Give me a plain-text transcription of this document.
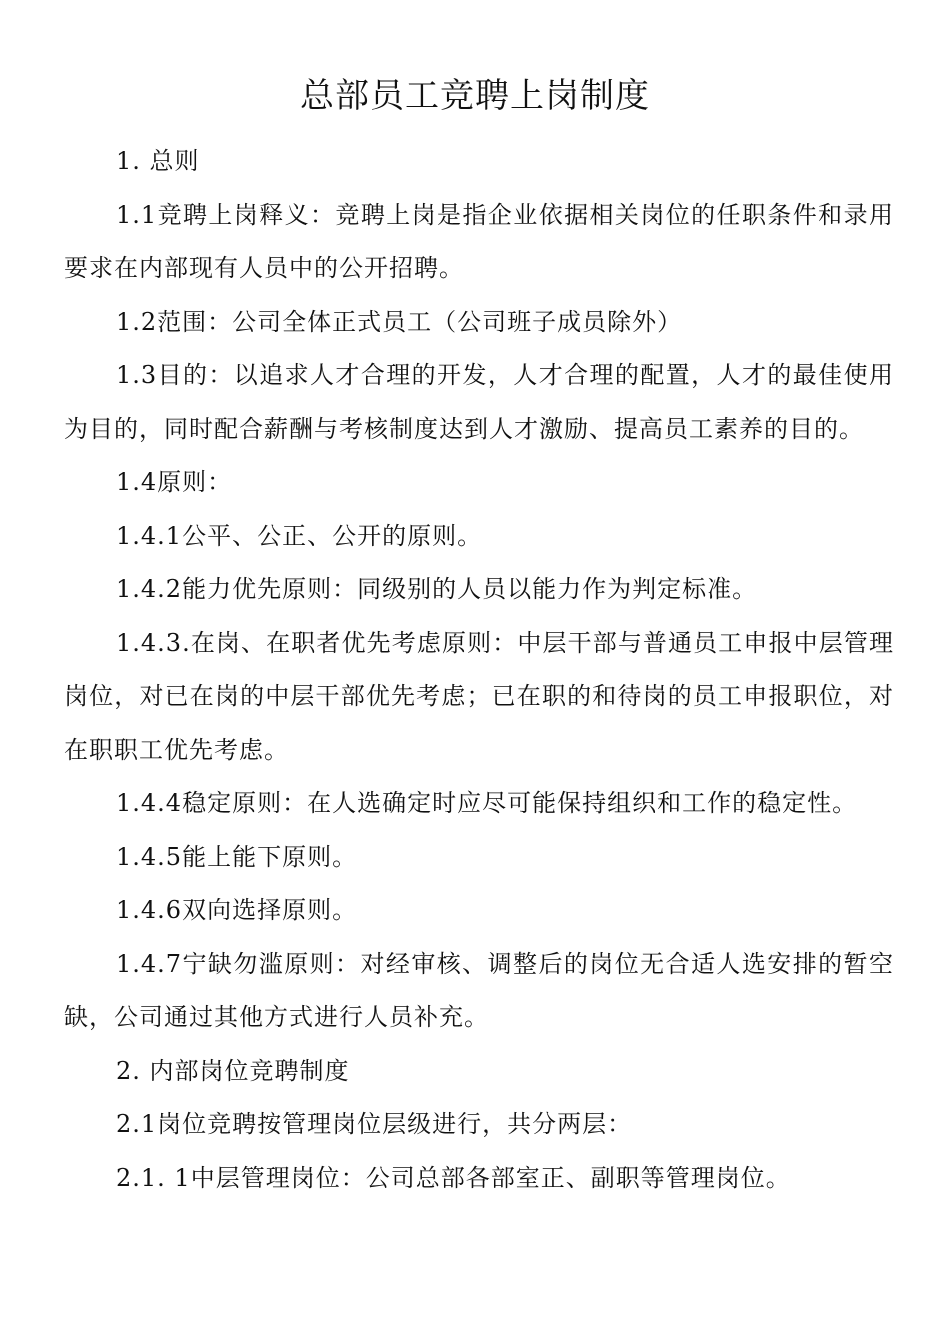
总部员工竞聘上岗制度

1. 总则

1.1竞聘上岗释义：竞聘上岗是指企业依据相关岗位的任职条件和录用要求在内部现有人员中的公开招聘。

1.2范围：公司全体正式员工（公司班子成员除外）

1.3目的：以追求人才合理的开发，人才合理的配置，人才的最佳使用为目的，同时配合薪酬与考核制度达到人才激励、提高员工素养的目的。

1.4原则：

1.4.1公平、公正、公开的原则。

1.4.2能力优先原则：同级别的人员以能力作为判定标准。

1.4.3.在岗、在职者优先考虑原则：中层干部与普通员工申报中层管理岗位，对已在岗的中层干部优先考虑；已在职的和待岗的员工申报职位，对在职职工优先考虑。

1.4.4稳定原则：在人选确定时应尽可能保持组织和工作的稳定性。

1.4.5能上能下原则。

1.4.6双向选择原则。

1.4.7宁缺勿滥原则：对经审核、调整后的岗位无合适人选安排的暂空缺，公司通过其他方式进行人员补充。

2. 内部岗位竞聘制度

2.1岗位竞聘按管理岗位层级进行，共分两层：

2.1. 1中层管理岗位：公司总部各部室正、副职等管理岗位。
